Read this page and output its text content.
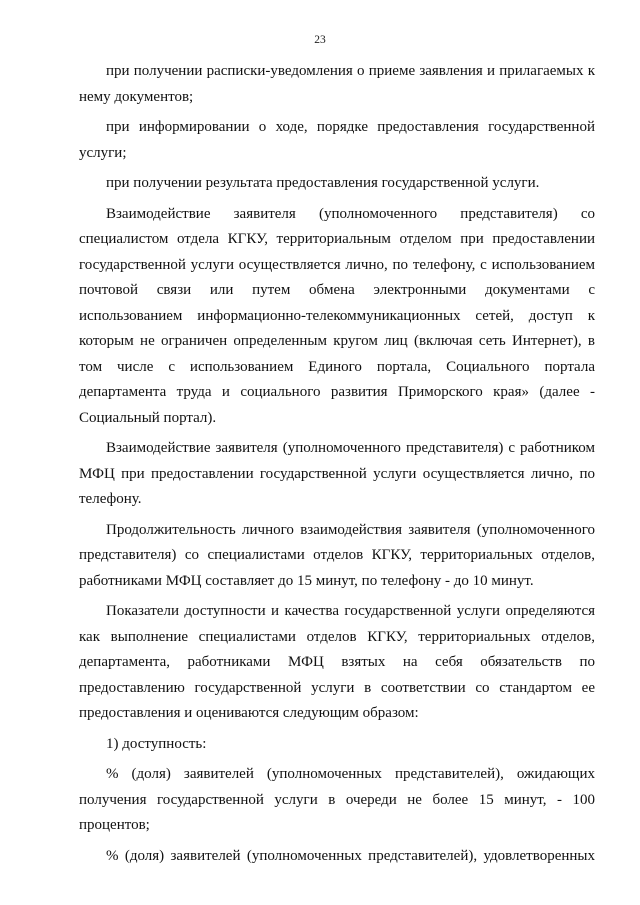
23

при получении расписки-уведомления о приеме заявления и прилагаемых к нему документов;

при информировании о ходе, порядке предоставления государственной услуги;

при получении результата предоставления государственной услуги.

Взаимодействие заявителя (уполномоченного представителя) со специалистом отдела КГКУ, территориальным отделом при предоставлении государственной услуги осуществляется лично, по телефону, с использованием почтовой связи или путем обмена электронными документами с использованием информационно-телекоммуникационных сетей, доступ к которым не ограничен определенным кругом лиц (включая сеть Интернет), в том числе с использованием Единого портала, Социального портала департамента труда и социального развития Приморского края» (далее - Социальный портал).

Взаимодействие заявителя (уполномоченного представителя) с работником МФЦ при предоставлении государственной услуги осуществляется лично, по телефону.

Продолжительность личного взаимодействия заявителя (уполномоченного представителя) со специалистами отделов КГКУ, территориальных отделов, работниками МФЦ составляет до 15 минут, по телефону - до 10 минут.

Показатели доступности и качества государственной услуги определяются как выполнение специалистами отделов КГКУ, территориальных отделов, департамента, работниками МФЦ взятых на себя обязательств по предоставлению государственной услуги в соответствии со стандартом ее предоставления и оцениваются следующим образом:

1) доступность:

% (доля) заявителей (уполномоченных представителей), ожидающих получения государственной услуги в очереди не более 15 минут, - 100 процентов;

% (доля) заявителей (уполномоченных представителей), удовлетворенных
